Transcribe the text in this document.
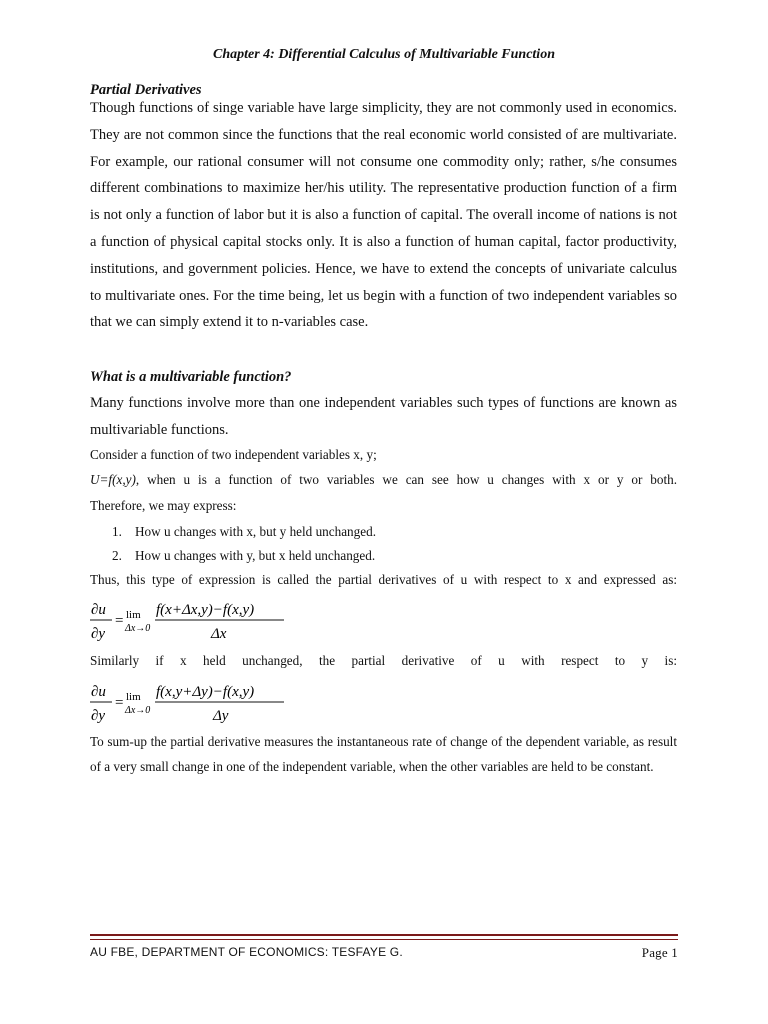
Chapter 4: Differential Calculus of Multivariable Function
Partial Derivatives

Though functions of singe variable have large simplicity, they are not commonly used in economics. They are not common since the functions that the real economic world consisted of are multivariate. For example, our rational consumer will not consume one commodity only; rather, s/he consumes different combinations to maximize her/his utility. The representative production function of a firm is not only a function of labor but it is also a function of capital. The overall income of nations is not a function of physical capital stocks only. It is also a function of human capital, factor productivity, institutions, and government policies. Hence, we have to extend the concepts of univariate calculus to multivariate ones. For the time being, let us begin with a function of two independent variables so that we can simply extend it to n-variables case.

What is a multivariable function?

Many functions involve more than one independent variables such types of functions are known as multivariable functions.

Consider a function of two independent variables x, y;

U=f(x,y), when u is a function of two variables we can see how u changes with x or y or both.

Therefore, we may express:

1. How u changes with x, but y held unchanged.
2. How u changes with y, but x held unchanged.

Thus, this type of expression is called the partial derivatives of u with respect to x and expressed as:

∂u
∂y
= lim
Δx→0
f(x+Δx,y)−f(x,y)
Δx

Similarly if x held unchanged, the partial derivative of u with respect to y is:

∂u
∂y
= lim
Δx→0
f(x,y+Δy)−f(x,y)
Δy

To sum-up the partial derivative measures the instantaneous rate of change of the dependent variable, as result of a very small change in one of the independent variable, when the other variables are held to be constant.

AU FBE, DEPARTMENT OF ECONOMICS: TESFAYE G.	Page 1
